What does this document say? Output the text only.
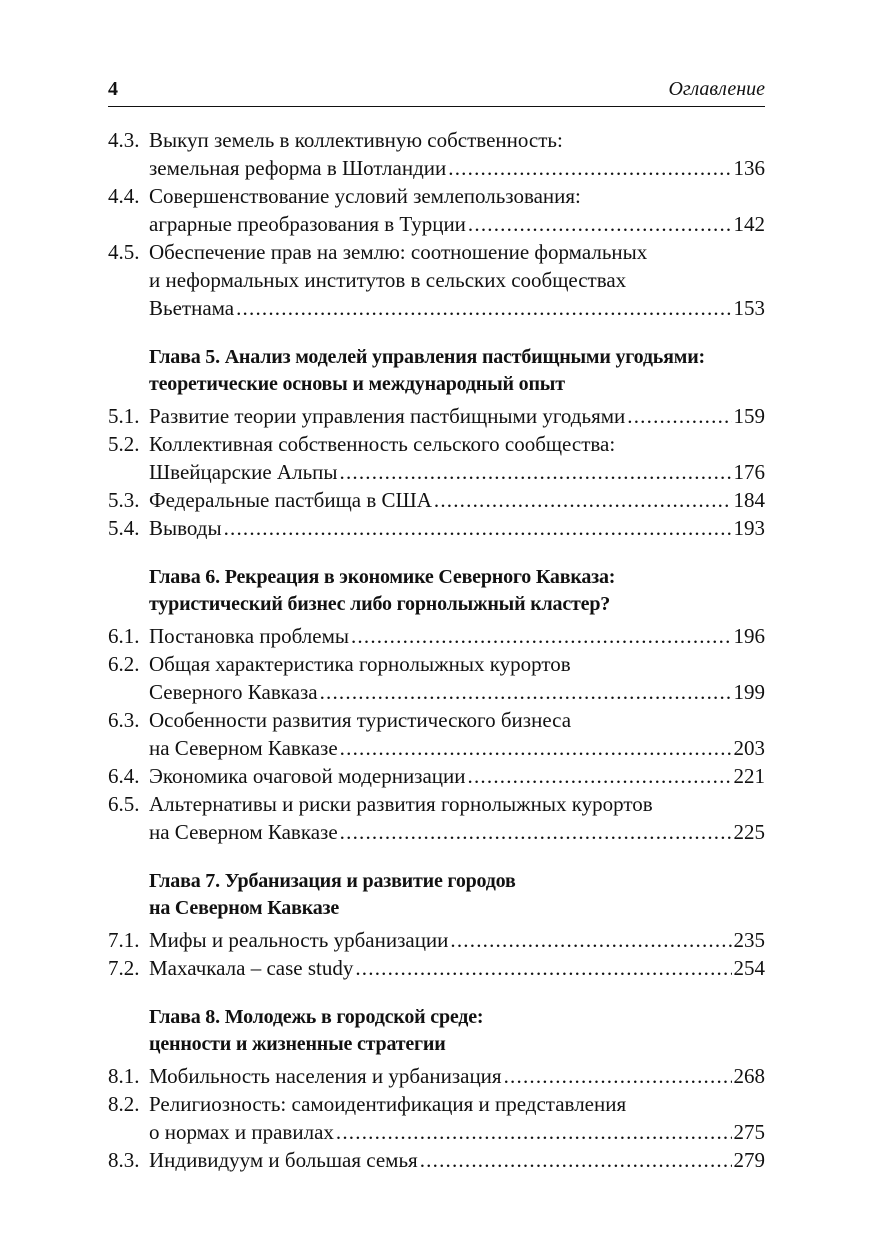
4	Оглавление
4.3. Выкуп земель в коллективную собственность:
земельная реформа в Шотландии .....	136
4.4. Совершенствование условий землепользования:
аграрные преобразования в Турции .....	142
4.5. Обеспечение прав на землю: соотношение формальных
и неформальных институтов в сельских сообществах
Вьетнама .....	153
Глава 5. Анализ моделей управления пастбищными угодьями:
теоретические основы и международный опыт
5.1. Развитие теории управления пастбищными угодьями .....	159
5.2. Коллективная собственность сельского сообщества:
Швейцарские Альпы .....	176
5.3. Федеральные пастбища в США .....	184
5.4. Выводы .....	193
Глава 6. Рекреация в экономике Северного Кавказа:
туристический бизнес либо горнолыжный кластер?
6.1. Постановка проблемы .....	196
6.2. Общая характеристика горнолыжных курортов
Северного Кавказа .....	199
6.3. Особенности развития туристического бизнеса
на Северном Кавказе .....	203
6.4. Экономика очаговой модернизации .....	221
6.5. Альтернативы и риски развития горнолыжных курортов
на Северном Кавказе .....	225
Глава 7. Урбанизация и развитие городов
на Северном Кавказе
7.1. Мифы и реальность урбанизации .....	235
7.2. Махачкала – case study .....	254
Глава 8. Молодежь в городской среде:
ценности и жизненные стратегии
8.1. Мобильность населения и урбанизация .....	268
8.2. Религиозность: самоидентификация и представления
о нормах и правилах .....	275
8.3. Индивидуум и большая семья .....	279
